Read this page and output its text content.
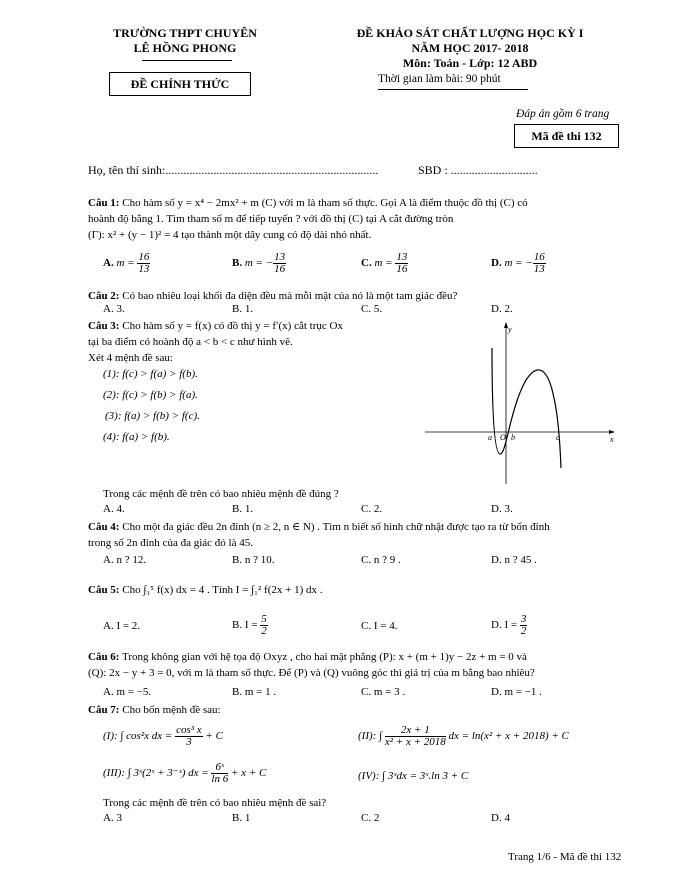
TRƯỜNG THPT CHUYÊN
LÊ HỒNG PHONG
ĐỀ CHÍNH THỨC
ĐỀ KHẢO SÁT CHẤT LƯỢNG HỌC KỲ I
NĂM HỌC 2017- 2018
Môn: Toán - Lớp: 12 ABD
Thời gian làm bài: 90 phút
Đáp án gồm 6 trang
Mã đề thi 132
Họ, tên thí sinh:.......................................................................	SBD : .............................
Câu 1: Cho hàm số y = x⁴ − 2mx² + m (C) với m là tham số thực. Gọi A là điểm thuộc đồ thị (C) có
hoành độ bằng 1. Tìm tham số m để tiếp tuyến ? với đồ thị (C) tại A cắt đường tròn
(Γ): x² + (y − 1)² = 4 tạo thành một dây cung có độ dài nhỏ nhất.
A. $m = \frac{16}{13}$	B. m = − $\frac{13}{16}$	C. $m = \frac{13}{16}$	D. m = − $\frac{16}{13}$
Câu 2: Có bao nhiêu loại khối đa diện đều mà mỗi mặt của nó là một tam giác đều?
A. 3.	B. 1.	C. 5.	D. 2.
Câu 3: Cho hàm số y = f(x) có đồ thị y = f′(x) cắt trục Ox
tại ba điểm có hoành độ a < b < c như hình vẽ.
Xét 4 mệnh đề sau:
(1): f(c) > f(a) > f(b).
(2): f(c) > f(b) > f(a).
(3): f(a) > f(b) > f(c).
(4): f(a) > f(b).
y
x
O
a b	c
Trong các mệnh đề trên có bao nhiêu mệnh đề đúng ?
A. 4.	B. 1.	C. 2.	D. 3.
Câu 4: Cho một đa giác đều 2n đỉnh (n ≥ 2, n ∈ N) . Tìm n biết số hình chữ nhật được tạo ra từ bốn đỉnh
trong số 2n đỉnh của đa giác đó là 45.
A. n ? 12.	B. n ? 10.	C. n ? 9 .	D. n ? 45 .
Câu 5: Cho ∫₁⁵ f(x) dx = 4 . Tính I = ∫₁² f(2x + 1) dx .
A. I = 2.	B. $I = \frac{5}{2}$	C. I = 4.	D. $I = \frac{3}{2}$
Câu 6: Trong không gian với hệ tọa độ Oxyz , cho hai mặt phẳng (P): x + (m + 1)y − 2z + m = 0 và
(Q): 2x − y + 3 = 0, với m là tham số thực. Để (P) và (Q) vuông góc thì giá trị của m bằng bao nhiêu?
A. m = −5.	B. m = 1 .	C. m = 3 .	D. m = −1 .
Câu 7: Cho bốn mệnh đề sau:
(I): ∫ cos²x dx = $\frac{\text{cos³ x}}{3} + C$	(II): ∫ $\frac{2x + 1}{\text{x² + x + 2018}}$ dx = ln(x² + x + 2018) + C
(III): ∫ 3ˣ(2ˣ + 3⁻ˣ) dx = $\frac{\text{6ˣ}}{\ln 6} + x + C$	(IV): ∫ 3ˣdx = 3ˣ.ln 3 + C
Trong các mệnh đề trên có bao nhiêu mệnh đề sai?
A. 3	B. 1	C. 2	D. 4
Trang 1/6 - Mã đề thi 132
